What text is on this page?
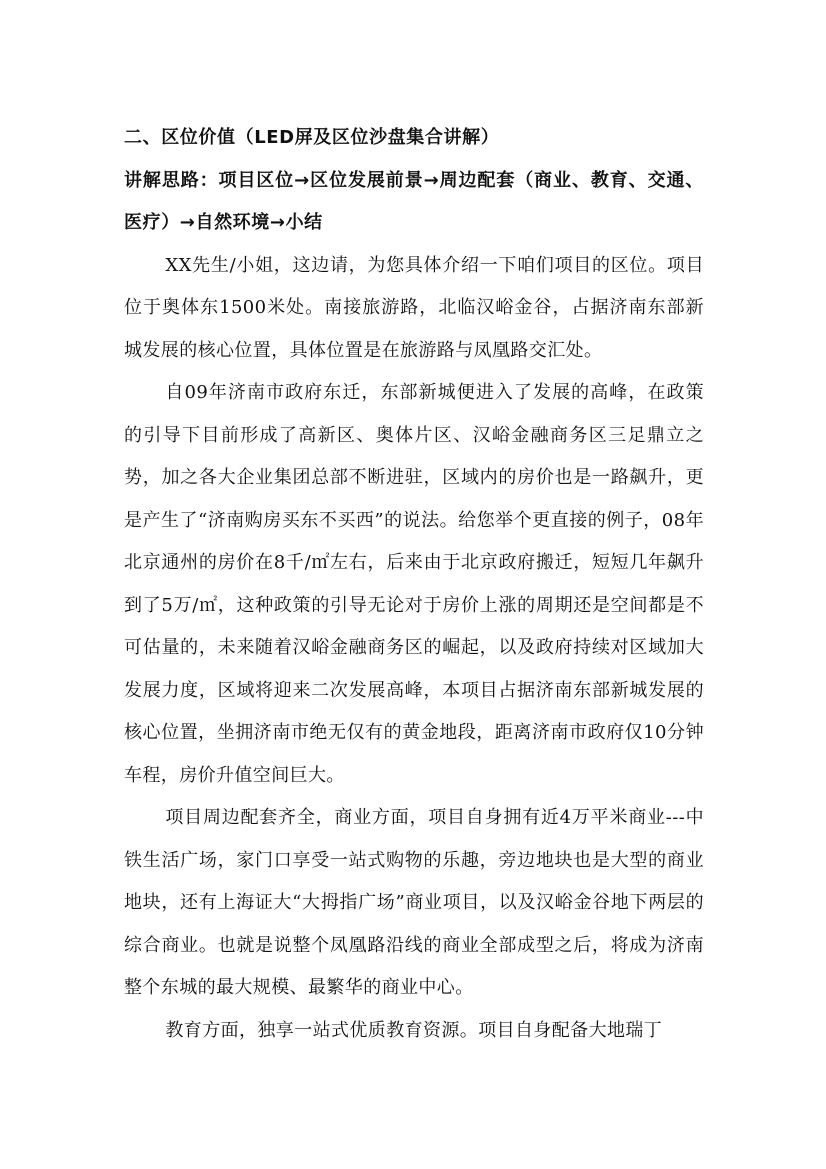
二、区位价值（LED屏及区位沙盘集合讲解）

讲解思路：项目区位→区位发展前景→周边配套（商业、教育、交通、医疗）→自然环境→小结

XX先生/小姐，这边请，为您具体介绍一下咱们项目的区位。项目位于奥体东1500米处。南接旅游路，北临汉峪金谷，占据济南东部新城发展的核心位置，具体位置是在旅游路与凤凰路交汇处。

自09年济南市政府东迁，东部新城便进入了发展的高峰，在政策的引导下目前形成了高新区、奥体片区、汉峪金融商务区三足鼎立之势，加之各大企业集团总部不断进驻，区域内的房价也是一路飙升，更是产生了“济南购房买东不买西”的说法。给您举个更直接的例子，08年北京通州的房价在8千/㎡左右，后来由于北京政府搬迁，短短几年飙升到了5万/㎡，这种政策的引导无论对于房价上涨的周期还是空间都是不可估量的，未来随着汉峪金融商务区的崛起，以及政府持续对区域加大发展力度，区域将迎来二次发展高峰，本项目占据济南东部新城发展的核心位置，坐拥济南市绝无仅有的黄金地段，距离济南市政府仅10分钟车程，房价升值空间巨大。

项目周边配套齐全，商业方面，项目自身拥有近4万平米商业---中铁生活广场，家门口享受一站式购物的乐趣，旁边地块也是大型的商业地块，还有上海证大“大拇指广场”商业项目，以及汉峪金谷地下两层的综合商业。也就是说整个凤凰路沿线的商业全部成型之后，将成为济南整个东城的最大规模、最繁华的商业中心。

教育方面，独享一站式优质教育资源。项目自身配备大地瑞丁
